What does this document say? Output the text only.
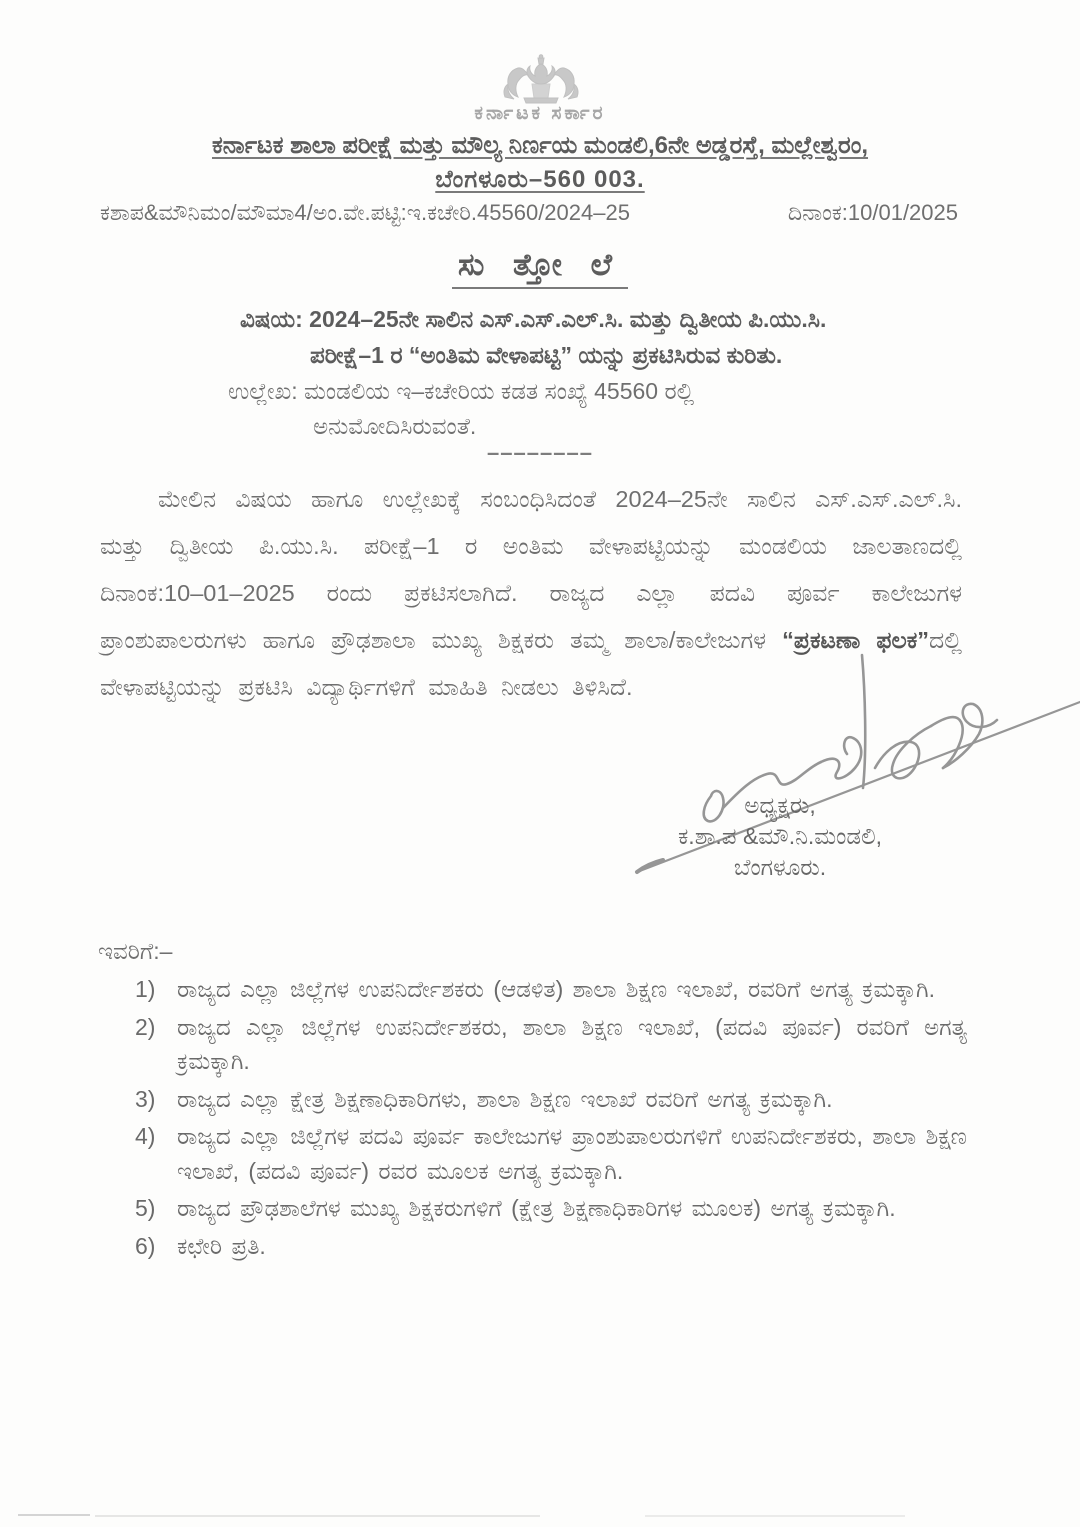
ಕರ್ನಾಟಕ ಸರ್ಕಾರ
ಕರ್ನಾಟಕ ಶಾಲಾ ಪರೀಕ್ಷೆ ಮತ್ತು ಮೌಲ್ಯ ನಿರ್ಣಯ ಮಂಡಲಿ,6ನೇ ಅಡ್ಡರಸ್ತೆ, ಮಲ್ಲೇಶ್ವರಂ,
ಬೆಂಗಳೂರು–560 003.
ಕಶಾಪ&ಮೌನಿಮಂ/ಮೌಮಾ4/ಅಂ.ವೇ.ಪಟ್ಟಿ:ಇ.ಕಚೇರಿ.45560/2024–25	ದಿನಾಂಕ:10/01/2025
ಸು ತ್ತೋ ಲೆ
ವಿಷಯ: 2024–25ನೇ ಸಾಲಿನ ಎಸ್.ಎಸ್.ಎಲ್.ಸಿ. ಮತ್ತು ದ್ವಿತೀಯ ಪಿ.ಯು.ಸಿ.
ಪರೀಕ್ಷೆ–1 ರ “ಅಂತಿಮ ವೇಳಾಪಟ್ಟಿ” ಯನ್ನು ಪ್ರಕಟಿಸಿರುವ ಕುರಿತು.
ಉಲ್ಲೇಖ: ಮಂಡಲಿಯ ಇ–ಕಚೇರಿಯ ಕಡತ ಸಂಖ್ಯೆ 45560 ರಲ್ಲಿ
ಅನುಮೋದಿಸಿರುವಂತೆ.
––––––––
ಮೇಲಿನ ವಿಷಯ ಹಾಗೂ ಉಲ್ಲೇಖಕ್ಕೆ ಸಂಬಂಧಿಸಿದಂತೆ 2024–25ನೇ ಸಾಲಿನ ಎಸ್.ಎಸ್.ಎಲ್.ಸಿ. ಮತ್ತು ದ್ವಿತೀಯ ಪಿ.ಯು.ಸಿ. ಪರೀಕ್ಷೆ–1 ರ ಅಂತಿಮ ವೇಳಾಪಟ್ಟಿಯನ್ನು ಮಂಡಲಿಯ ಜಾಲತಾಣದಲ್ಲಿ ದಿನಾಂಕ:10–01–2025 ರಂದು ಪ್ರಕಟಿಸಲಾಗಿದೆ. ರಾಜ್ಯದ ಎಲ್ಲಾ ಪದವಿ ಪೂರ್ವ ಕಾಲೇಜುಗಳ ಪ್ರಾಂಶುಪಾಲರುಗಳು ಹಾಗೂ ಪ್ರೌಢಶಾಲಾ ಮುಖ್ಯ ಶಿಕ್ಷಕರು ತಮ್ಮ ಶಾಲಾ/ಕಾಲೇಜುಗಳ “ಪ್ರಕಟಣಾ ಫಲಕ”ದಲ್ಲಿ ವೇಳಾಪಟ್ಟಿಯನ್ನು ಪ್ರಕಟಿಸಿ ವಿದ್ಯಾರ್ಥಿಗಳಿಗೆ ಮಾಹಿತಿ ನೀಡಲು ತಿಳಿಸಿದೆ.
ಅಧ್ಯಕ್ಷರು,
ಕ.ಶಾ.ಪ &ಮೌ.ನಿ.ಮಂಡಲಿ,
ಬೆಂಗಳೂರು.
ಇವರಿಗೆ:–
ರಾಜ್ಯದ ಎಲ್ಲಾ ಜಿಲ್ಲೆಗಳ ಉಪನಿರ್ದೇಶಕರು (ಆಡಳಿತ) ಶಾಲಾ ಶಿಕ್ಷಣ ಇಲಾಖೆ, ರವರಿಗೆ ಅಗತ್ಯ ಕ್ರಮಕ್ಕಾಗಿ.
ರಾಜ್ಯದ ಎಲ್ಲಾ ಜಿಲ್ಲೆಗಳ ಉಪನಿರ್ದೇಶಕರು, ಶಾಲಾ ಶಿಕ್ಷಣ ಇಲಾಖೆ, (ಪದವಿ ಪೂರ್ವ) ರವರಿಗೆ ಅಗತ್ಯ ಕ್ರಮಕ್ಕಾಗಿ.
ರಾಜ್ಯದ ಎಲ್ಲಾ ಕ್ಷೇತ್ರ ಶಿಕ್ಷಣಾಧಿಕಾರಿಗಳು, ಶಾಲಾ ಶಿಕ್ಷಣ ಇಲಾಖೆ ರವರಿಗೆ ಅಗತ್ಯ ಕ್ರಮಕ್ಕಾಗಿ.
ರಾಜ್ಯದ ಎಲ್ಲಾ ಜಿಲ್ಲೆಗಳ ಪದವಿ ಪೂರ್ವ ಕಾಲೇಜುಗಳ ಪ್ರಾಂಶುಪಾಲರುಗಳಿಗೆ ಉಪನಿರ್ದೇಶಕರು, ಶಾಲಾ ಶಿಕ್ಷಣ ಇಲಾಖೆ, (ಪದವಿ ಪೂರ್ವ) ರವರ ಮೂಲಕ ಅಗತ್ಯ ಕ್ರಮಕ್ಕಾಗಿ.
ರಾಜ್ಯದ ಪ್ರೌಢಶಾಲೆಗಳ ಮುಖ್ಯ ಶಿಕ್ಷಕರುಗಳಿಗೆ (ಕ್ಷೇತ್ರ ಶಿಕ್ಷಣಾಧಿಕಾರಿಗಳ ಮೂಲಕ) ಅಗತ್ಯ ಕ್ರಮಕ್ಕಾಗಿ.
ಕಛೇರಿ ಪ್ರತಿ.
